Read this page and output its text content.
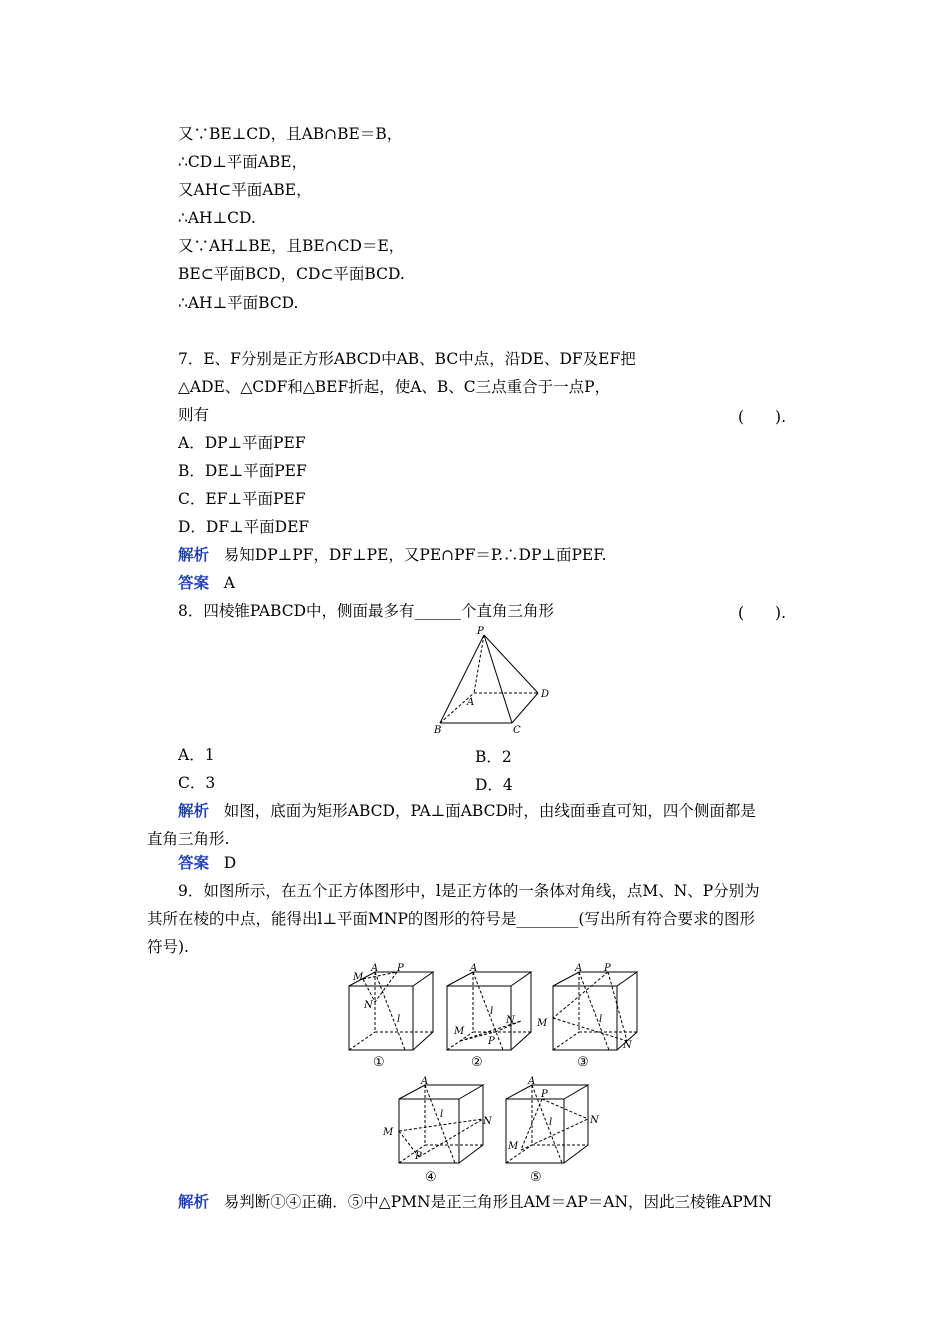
又∵BE⊥CD，且AB∩BE＝B，
∴CD⊥平面ABE，
又AH⊂平面ABE，
∴AH⊥CD.
又∵AH⊥BE，且BE∩CD＝E，
BE⊂平面BCD，CD⊂平面BCD.
∴AH⊥平面BCD.
7．E、F分别是正方形ABCD中AB、BC中点，沿DE、DF及EF把
△ADE、△CDF和△BEF折起，使A、B、C三点重合于一点P，
则有	(　　).
A．DP⊥平面PEF
B．DE⊥平面PEF
C．EF⊥平面PEF
D．DF⊥平面DEF
解析 易知DP⊥PF，DF⊥PE，又PE∩PF＝P.∴DP⊥面PEF.
答案 A
8．四棱锥PABCD中，侧面最多有______个直角三角形	(　　).
P
A
B	C
D
A．1	B．2
C．3	D．4
解析 如图，底面为矩形ABCD，PA⊥面ABCD时，由线面垂直可知，四个侧面都是
直角三角形.
答案 D
9．如图所示，在五个正方体图形中，l是正方体的一条体对角线，点M、N、P分别为
其所在棱的中点，能得出l⊥平面MNP的图形的符号是________(写出所有符合要求的图形
符号).
M
A P
N
l
①
A
l
N
M
P
②
A P
M	l
N
③
A
l
N
M
P
④
A
P
l	N
M
⑤
解析 易判断①④正确．⑤中△PMN是正三角形且AM＝AP＝AN，因此三棱锥APMN
